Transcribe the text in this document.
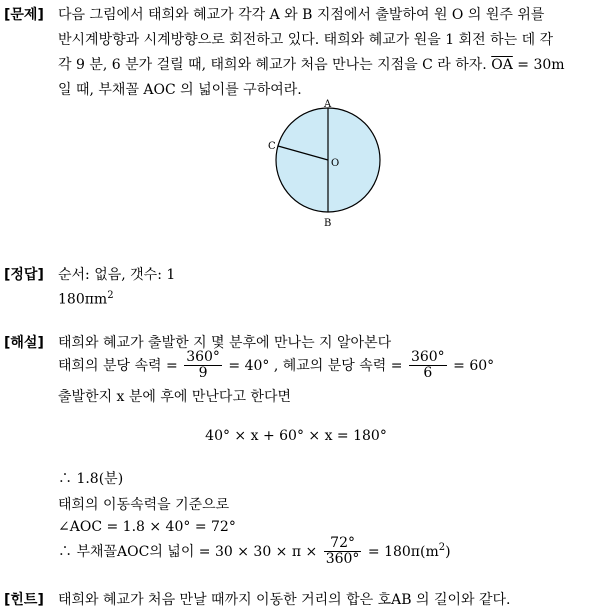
[문제] 다음 그림에서 태희와 혜교가 각각 A 와 B 지점에서 출발하여 원 O 의 원주 위를
반시계방향과 시계방향으로 회전하고 있다. 태희와 혜교가 원을 1 회전 하는 데 각
각 9 분, 6 분가 걸릴 때, 태희와 혜교가 처음 만나는 지점을 C 라 하자. $\overline{OA} = 30m$
일 때, 부채꼴 AOC 의 넓이를 구하여라.
A
B
C
O
[정답] 순서: 없음, 갯수: 1
$180\pi m^2$
[해설] 태희와 혜교가 출발한 지 몇 분후에 만나는 지 알아본다
태희의 분당 속력 = $\frac{360^\circ}{9} = 40^\circ$ , 혜교의 분당 속력 = $\frac{360^\circ}{6} = 60^\circ$
출발한지 x 분에 후에 만난다고 한다면
40° × x + 60° × x = 180°
∴ 1.8(분)
태희의 이동속력을 기준으로
∠AOC = 1.8 × 40° = 72°
∴ 부채꼴AOC의 넓이 = $30 \times 30 \times \pi \times \frac{72^\circ}{360^\circ} = 180\pi(m^2)$
[힌트] 태희와 혜교가 처음 만날 때까지 이동한 거리의 합은 호AB 의 길이와 같다.
